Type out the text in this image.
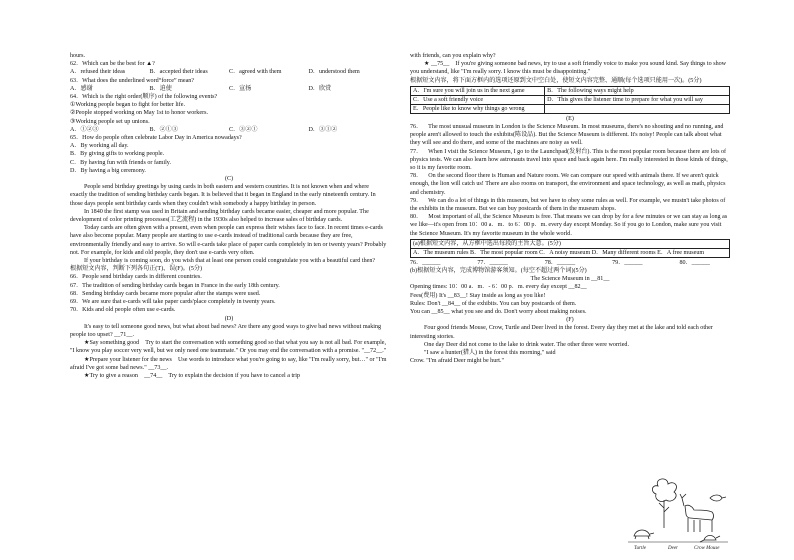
hours.
62．Which can be the best for ▲?
A．refused their ideas	B．accepted their ideas	C．agreed with them	D．understood them
63．What does the underlined word“force” mean?
A．感谢	B．迫使	C．宣扬	D．欣赏
64．Which is the right order(顺序) of the following events?
①Working people began to fight for better life.
②People stopped working on May 1st to honor workers.
③Working people set up unions.
A．①②③	B．②①③	C．③②①	D．③①②
65．How do people often celebrate Labor Day in America nowadays?
A．By working all day.
B．By giving gifts to working people.
C．By having fun with friends or family.
D．By having a big ceremony.
(C)
People send birthday greetings by using cards in both eastern and western countries. It is not known when and where exactly the tradition of sending birthday cards began. It is believed that it began in England in the early nineteenth century. In those days people sent birthday cards when they couldn't wish somebody a happy birthday in person.
In 1840 the first stamp was used in Britain and sending birthday cards became easier, cheaper and more popular. The development of color printing processes(工艺流程) in the 1930s also helped to increase sales of birthday cards.
Today cards are often given with a present, even when people can express their wishes face to face. In recent times e-cards have also become popular. Many people are starting to use e-cards instead of traditional cards because they are free, environmentally friendly and easy to arrive. So will e-cards take place of paper cards completely in ten or twenty years? Probably not. For example, for kids and old people, they don't use e-cards very often.
If your birthday is coming soon, do you wish that at least one person could congratulate you with a beautiful card then?
根据短文内容，判断下列各句正(T)、误(F)。(5分)
66．People send birthday cards in different countries.
67．The tradition of sending birthday cards began in France in the early 18th century.
68．Sending birthday cards became more popular after the stamps were used.
69．We are sure that e-cards will take paper cards'place completely in twenty years.
70．Kids and old people often use e-cards.
(D)
It's easy to tell someone good news, but what about bad news? Are there any good ways to give bad news without making people too upset? __71__.
★Say something good    Try to start the conversation with something good so that what you say is not all bad. For example, "I know you play soccer very well, but we only need one teammate." Or you may end the conversation with a promise. "__72__."
★Prepare your listener for the news    Use words to introduce what you're going to say, like "I'm really sorry, but…" or "I'm afraid I've got some bad news." __73__.
★Try to give a reason    __74__    Try to explain the decision if you have to cancel a trip
with friends, can you explain why?
★ __75__    If you're giving someone bad news, try to use a soft friendly voice to make you sound kind. Say things to show you understand, like "I'm really sorry. I know this must be disappointing."
根据短文内容，将下面方框内的选项还原到文中空白处，使短文内容完整、通顺(每个选项只能用一次)。(5分)
A．I'm sure you will join us in the next game	B．The following ways might help
C．Use a soft friendly voice	D．This gives the listener time to prepare for what you will say
E．People like to know why things go wrong	
(E)
76．    The most unusual museum in London is the Science Museum. In most museums, there's no shouting and no running, and people aren't allowed to touch the exhibits(陈设品). But the Science Museum is different. It's noisy! People can talk about what they will see and do there, and some of the machines are noisy as well.
77．    When I visit the Science Museum, I go to the Launchpad(发射台). This is the most popular room because there are lots of physics tests. We can also learn how astronauts travel into space and back again here. I'm really interested in those kinds of things, so it is my favorite room.
78．    On the second floor there is Human and Nature room. We can compare our speed with animals there. If we aren't quick enough, the lion will catch us! There are also rooms on transport, the environment and space technology, as well as math, physics and chemistry.
79．    We can do a lot of things in this museum, but we have to obey some rules as well. For example, we mustn't take photos of the exhibits in the museum. But we can buy postcards of them in the museum shops.
80．    Most important of all, the Science Museum is free. That means we can drop by for a few minutes or we can stay as long as we like—it's open from 10：00 a．m．to 6：00 p．m. every day except Monday. So if you go to London, make sure you visit the Science Museum. It's my favorite museum in the whole world.
(a)根据短文内容，从方框中选出每段的主旨大意。(5分)
A．The museum rules B．The most popular room C．A noisy museum D．Many different rooms E．A free museum
76．______	77．______	78．______	79．______	80．______
(b)根据短文内容，完成博物馆游客须知。(每空不超过两个词)(5分)
The Science Museum in __81__
Opening times: 10：00 a．m．- 6：00 p．m. every day except __82__
Fees(费用) It's __83__! Stay inside as long as you like!
Rules: Don't __84__ of the exhibits. You can buy postcards of them.
You can __85__ what you see and do. Don't worry about making noises.
(F)
Four good friends Mouse, Crow, Turtle and Deer lived in the forest. Every day they met at the lake and told each other interesting stories.
One day Deer did not come to the lake to drink water. The other three were worried.
"I saw a hunter(猎人) in the forest this morning," said
Crow. "I'm afraid Deer might be hurt."
Turtle	Deer	Crow Mouse
